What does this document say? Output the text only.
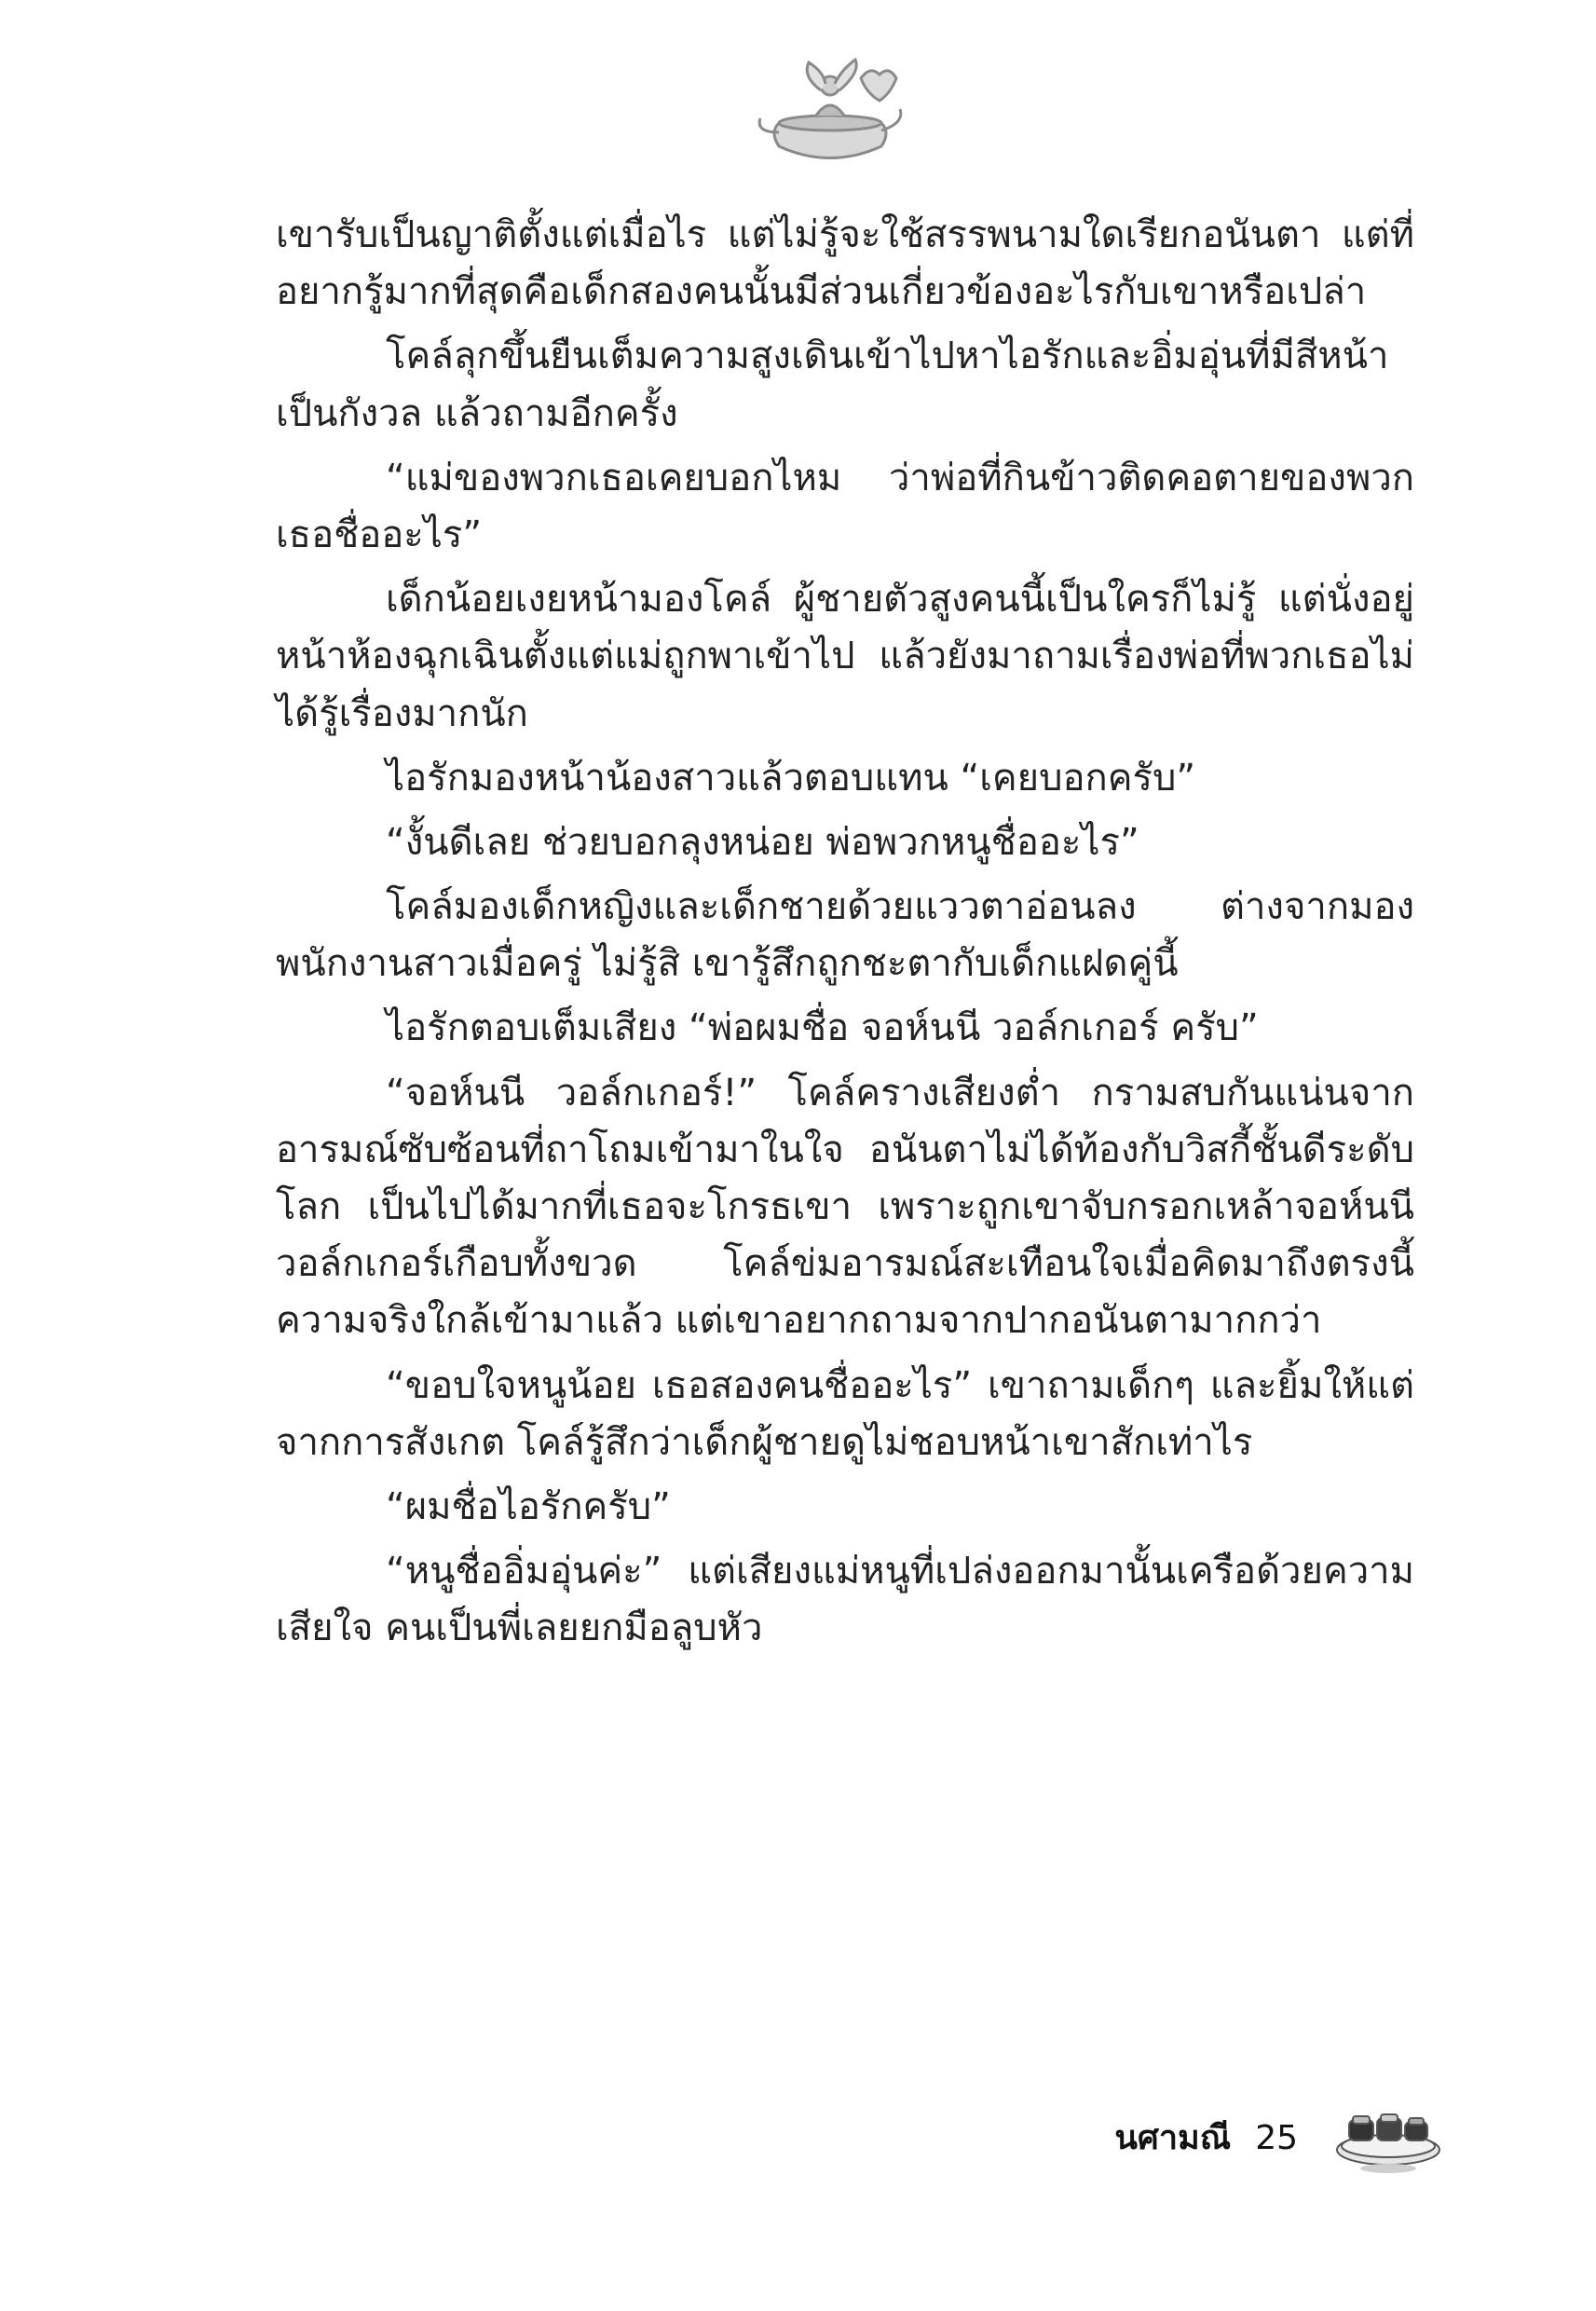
เขารับเป็นญาติตั้งแต่เมื่อไร แต่ไม่รู้จะใช้สรรพนามใดเรียกอนันตา แต่ที่อยากรู้มากที่สุดคือเด็กสองคนนั้นมีส่วนเกี่ยวข้องอะไรกับเขาหรือเปล่า

โคล์ลุกขึ้นยืนเต็มความสูงเดินเข้าไปหาไอรักและอิ่มอุ่นที่มีสีหน้าเป็นกังวล แล้วถามอีกครั้ง

“แม่ของพวกเธอเคยบอกไหม ว่าพ่อที่กินข้าวติดคอตายของพวกเธอชื่ออะไร”

เด็กน้อยเงยหน้ามองโคล์ ผู้ชายตัวสูงคนนี้เป็นใครก็ไม่รู้ แต่นั่งอยู่หน้าห้องฉุกเฉินตั้งแต่แม่ถูกพาเข้าไป แล้วยังมาถามเรื่องพ่อที่พวกเธอไม่ได้รู้เรื่องมากนัก

ไอรักมองหน้าน้องสาวแล้วตอบแทน “เคยบอกครับ”

“งั้นดีเลย ช่วยบอกลุงหน่อย พ่อพวกหนูชื่ออะไร”

โคล์มองเด็กหญิงและเด็กชายด้วยแววตาอ่อนลง ต่างจากมองพนักงานสาวเมื่อครู่ ไม่รู้สิ เขารู้สึกถูกชะตากับเด็กแฝดคู่นี้

ไอรักตอบเต็มเสียง “พ่อผมชื่อ จอห์นนี วอล์กเกอร์ ครับ”

“จอห์นนี วอล์กเกอร์!” โคล์ครางเสียงต่ำ กรามสบกันแน่นจากอารมณ์ซับซ้อนที่ถาโถมเข้ามาในใจ อนันตาไม่ได้ท้องกับวิสกี้ชั้นดีระดับโลก เป็นไปได้มากที่เธอจะโกรธเขา เพราะถูกเขาจับกรอกเหล้าจอห์นนี วอล์กเกอร์เกือบทั้งขวด โคล์ข่มอารมณ์สะเทือนใจเมื่อคิดมาถึงตรงนี้ ความจริงใกล้เข้ามาแล้ว แต่เขาอยากถามจากปากอนันตามากกว่า

“ขอบใจหนูน้อย เธอสองคนชื่ออะไร” เขาถามเด็กๆ และยิ้มให้แต่จากการสังเกต โคล์รู้สึกว่าเด็กผู้ชายดูไม่ชอบหน้าเขาสักเท่าไร

“ผมชื่อไอรักครับ”

“หนูชื่ออิ่มอุ่นค่ะ” แต่เสียงแม่หนูที่เปล่งออกมานั้นเครือด้วยความเสียใจ คนเป็นพี่เลยยกมือลูบหัว

นศามณี 25
